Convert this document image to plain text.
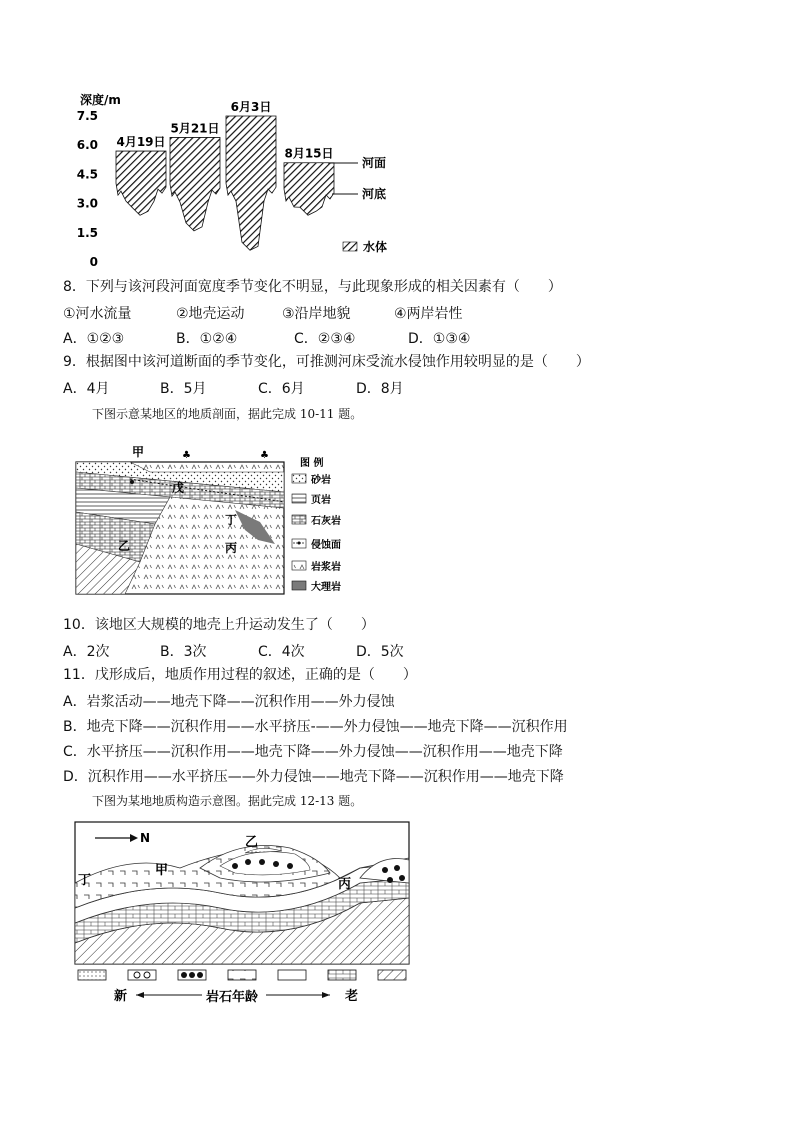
深度/m
7.5
6.0
4.5
3.0
1.5
0
4月19日
5月21日
6月3日
8月15日
河面
河底
水体
8．下列与该河段河面宽度季节变化不明显，与此现象形成的相关因素有（　　）
①河水流量	②地壳运动	③沿岸地貌	④两岸岩性
A．①②③	B．①②④	C．②③④	D．①③④
9．根据图中该河道断面的季节变化，可推测河床受流水侵蚀作用较明显的是（　　）
A．4月	B．5月	C．6月	D．8月
下图示意某地区的地质剖面，据此完成 10-11 题。
♣	♣
甲
戊
乙
丁
丙
图 例
砂岩
页岩
石灰岩
侵蚀面
岩浆岩
大理岩
10．该地区大规模的地壳上升运动发生了（　　）
A．2次	B．3次	C．4次	D．5次
11．戊形成后，地质作用过程的叙述，正确的是（　　）
A．岩浆活动——地壳下降——沉积作用——外力侵蚀
B．地壳下降——沉积作用——水平挤压-——外力侵蚀——地壳下降——沉积作用
C．水平挤压——沉积作用——地壳下降——外力侵蚀——沉积作用——地壳下降
D．沉积作用——水平挤压——外力侵蚀——地壳下降——沉积作用——地壳下降
下图为某地地质构造示意图。据此完成 12-13 题。
N	乙
甲
丙
丁
新	岩石年龄	老
